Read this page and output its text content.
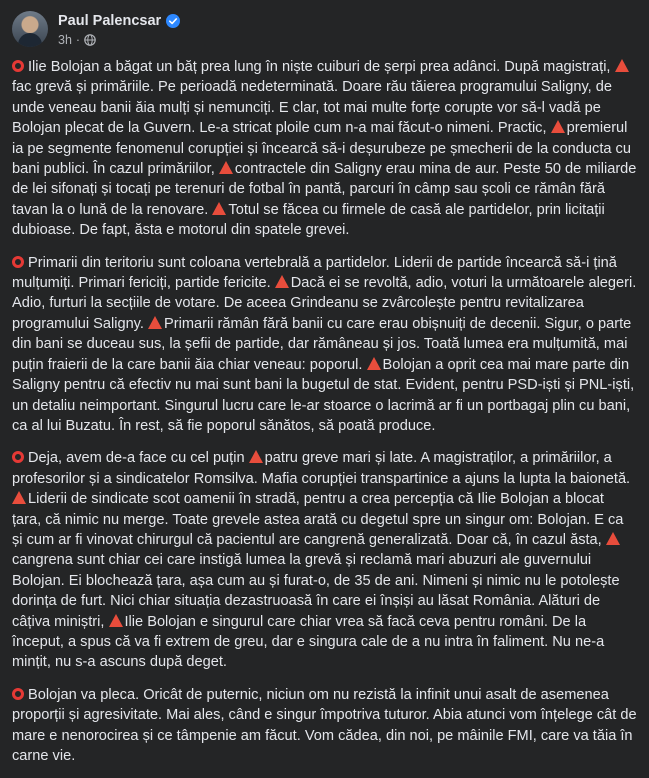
Paul Palencsar
3h ·

Ilie Bolojan a băgat un băț prea lung în niște cuiburi de șerpi prea adânci. După magistrați, fac grevă și primăriile. Pe perioadă nedeterminată. Doare rău tăierea programului Saligny, de unde veneau banii ăia mulți și nemunciți. E clar, tot mai multe forțe corupte vor să-l vadă pe Bolojan plecat de la Guvern. Le-a stricat ploile cum n-a mai făcut-o nimeni. Practic, premierul ia pe segmente fenomenul corupției și încearcă să-i deșurubeze pe șmecherii de la conducta cu bani publici. În cazul primăriilor, contractele din Saligny erau mina de aur. Peste 50 de miliarde de lei sifonați și tocați pe terenuri de fotbal în pantă, parcuri în câmp sau școli ce rămân fără tavan la o lună de la renovare. Totul se făcea cu firmele de casă ale partidelor, prin licitații dubioase. De fapt, ăsta e motorul din spatele grevei.

Primarii din teritoriu sunt coloana vertebrală a partidelor. Liderii de partide încearcă să-i țină mulțumiți. Primari fericiți, partide fericite. Dacă ei se revoltă, adio, voturi la următoarele alegeri. Adio, furturi la secțiile de votare. De aceea Grindeanu se zvârcolește pentru revitalizarea programului Saligny. Primarii rămân fără banii cu care erau obișnuiți de decenii. Sigur, o parte din bani se duceau sus, la șefii de partide, dar rămâneau și jos. Toată lumea era mulțumită, mai puțin fraierii de la care banii ăia chiar veneau: poporul. Bolojan a oprit cea mai mare parte din Saligny pentru că efectiv nu mai sunt bani la bugetul de stat. Evident, pentru PSD-iști și PNL-iști, un detaliu neimportant. Singurul lucru care le-ar stoarce o lacrimă ar fi un portbagaj plin cu bani, ca al lui Buzatu. În rest, să fie poporul sănătos, să poată produce.

Deja, avem de-a face cu cel puțin patru greve mari și late. A magistraților, a primăriilor, a profesorilor și a sindicatelor Romsilva. Mafia corupției transpartinice a ajuns la lupta la baionetă. Liderii de sindicate scot oamenii în stradă, pentru a crea percepția că Ilie Bolojan a blocat țara, că nimic nu merge. Toate grevele astea arată cu degetul spre un singur om: Bolojan. E ca și cum ar fi vinovat chirurgul că pacientul are cangrenă generalizată. Doar că, în cazul ăsta, cangrena sunt chiar cei care instigă lumea la grevă și reclamă mari abuzuri ale guvernului Bolojan. Ei blochează țara, așa cum au și furat-o, de 35 de ani. Nimeni și nimic nu le potolește dorința de furt. Nici chiar situația dezastruoasă în care ei înșiși au lăsat România. Alături de câțiva miniștri, Ilie Bolojan e singurul care chiar vrea să facă ceva pentru români. De la început, a spus că va fi extrem de greu, dar e singura cale de a nu intra în faliment. Nu ne-a mințit, nu s-a ascuns după deget.

Bolojan va pleca. Oricât de puternic, niciun om nu rezistă la infinit unui asalt de asemenea proporții și agresivitate. Mai ales, când e singur împotriva tuturor. Abia atunci vom înțelege cât de mare e nenorocirea și ce tâmpenie am făcut. Vom cădea, din noi, pe mâinile FMI, care va tăia în carne vie.
